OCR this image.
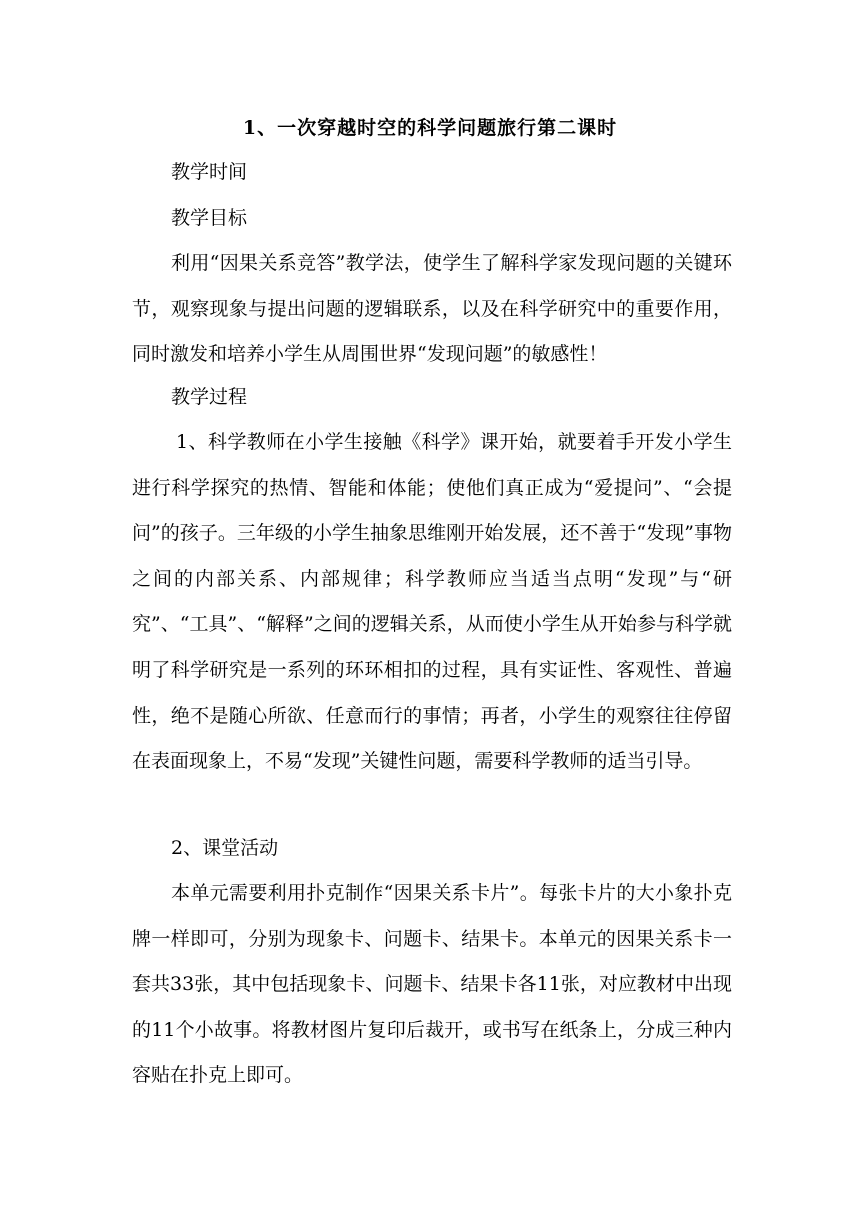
1、一次穿越时空的科学问题旅行第二课时
教学时间
教学目标
利用“因果关系竞答”教学法，使学生了解科学家发现问题的关键环节，观察现象与提出问题的逻辑联系，以及在科学研究中的重要作用，同时激发和培养小学生从周围世界“发现问题”的敏感性！
教学过程
1、科学教师在小学生接触《科学》课开始，就要着手开发小学生进行科学探究的热情、智能和体能；使他们真正成为“爱提问”、“会提问”的孩子。三年级的小学生抽象思维刚开始发展，还不善于“发现”事物之间的内部关系、内部规律；科学教师应当适当点明“发现”与“研究”、“工具”、“解释”之间的逻辑关系，从而使小学生从开始参与科学就明了科学研究是一系列的环环相扣的过程，具有实证性、客观性、普遍性，绝不是随心所欲、任意而行的事情；再者，小学生的观察往往停留在表面现象上，不易“发现”关键性问题，需要科学教师的适当引导。
2、课堂活动
本单元需要利用扑克制作“因果关系卡片”。每张卡片的大小象扑克牌一样即可，分别为现象卡、问题卡、结果卡。本单元的因果关系卡一套共33张，其中包括现象卡、问题卡、结果卡各11张，对应教材中出现的11个小故事。将教材图片复印后裁开，或书写在纸条上，分成三种内容贴在扑克上即可。
